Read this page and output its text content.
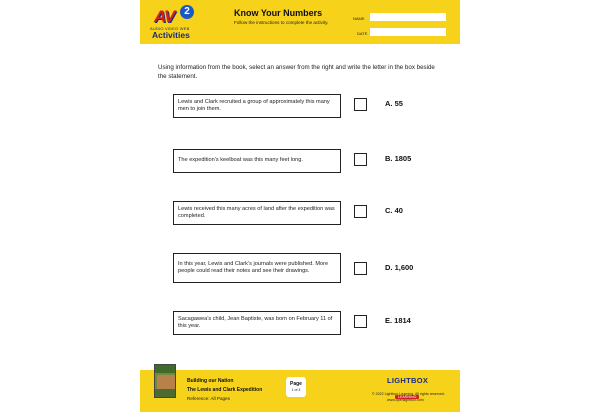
AV 2
AUDIO VIDEO WEB
Activities
Know Your Numbers
Follow the instructions to complete the activity.
NAME
DATE
Using information from the book, select an answer from the right and write the letter in the box beside the statement.
Lewis and Clark recruited a group of approximately this many men to join them.
A. 55
The expedition’s keelboat was this many feet long.	B. 1805
Lewis received this many acres of land after the expedition was completed.
C. 40
In this year, Lewis and Clark’s journals were published. More people could read their notes and see their drawings.	D. 1,600
Sacagawea’s child, Jean Baptiste, was born on February 11 of this year.
E. 1814
Building our Nation
The Lewis and Clark Expedition
Reference: All Pages
Page
1 of 4
LIGHTBOX
LEARNING
© 2022 Lightbox Learning. All rights reserved.
www.openlightbox.com
